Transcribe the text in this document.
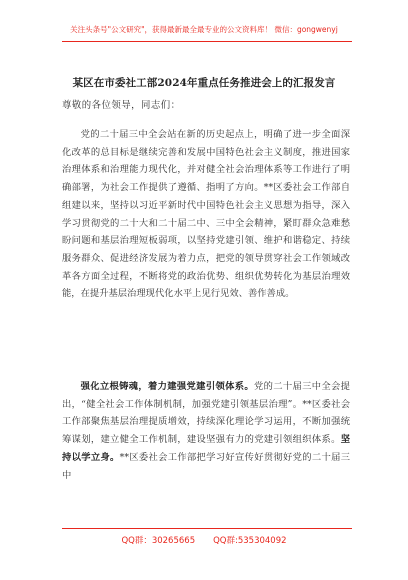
关注头条号"公文研究"，获得最新最全最专业的公文资料库！ 微信：gongwenyj
某区在市委社工部2024年重点任务推进会上的汇报发言
尊敬的各位领导，同志们：

党的二十届三中全会站在新的历史起点上，明确了进一步全面深化改革的总目标是继续完善和发展中国特色社会主义制度，推进国家治理体系和治理能力现代化，并对健全社会治理体系等工作进行了明确部署，为社会工作提供了遵循、指明了方向。**区委社会工作部自组建以来，坚持以习近平新时代中国特色社会主义思想为指导，深入学习贯彻党的二十大和二十届二中、三中全会精神，紧盯群众急难愁盼问题和基层治理短板弱项，以坚持党建引领、维护和谐稳定、持续服务群众、促进经济发展为着力点，把党的领导贯穿社会工作领域改革各方面全过程，不断将党的政治优势、组织优势转化为基层治理效能，在提升基层治理现代化水平上见行见效、善作善成。

强化立根铸魂，着力建强党建引领体系。党的二十届三中全会提出，“健全社会工作体制机制，加强党建引领基层治理”。**区委社会工作部聚焦基层治理提质增效，持续深化理论学习运用，不断加强统筹谋划，建立健全工作机制，建设坚强有力的党建引领组织体系。坚持以学立身。**区委社会工作部把学习好宣传好贯彻好党的二十届三中

QQ群：30265665 QQ群:535304092
